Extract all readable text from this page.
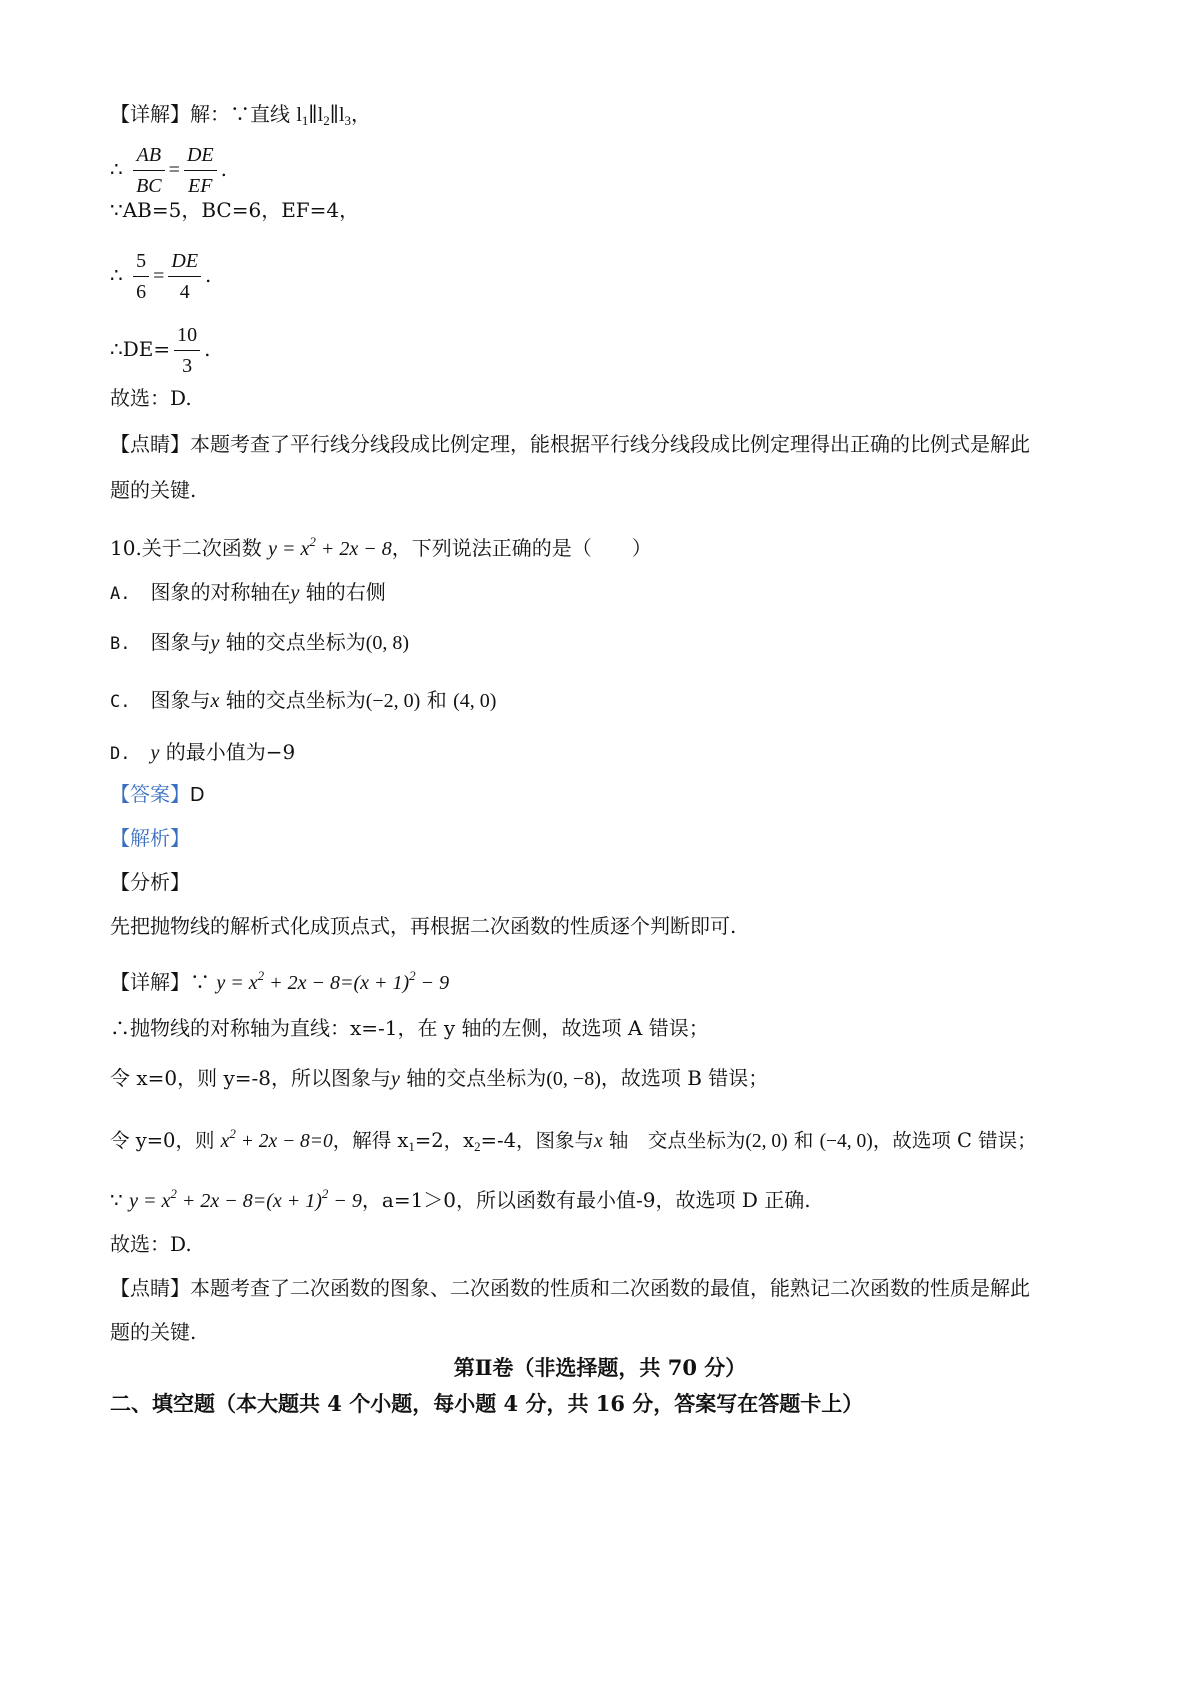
【详解】解：∵直线 $l_1\parallel l_2\parallel l_3$，
∴ $\frac{AB}{BC} = \frac{DE}{EF}$ .
∵AB=5，BC=6，EF=4，
∴ $\frac{5}{6} = \frac{DE}{4}$ .
∴DE= $\frac{10}{3}$ .
故选：D.
【点睛】本题考查了平行线分线段成比例定理，能根据平行线分线段成比例定理得出正确的比例式是解此
题的关键.
10.关于二次函数 $y = x^2 + 2x - 8$，下列说法正确的是（　　）
A.　 图象的对称轴在y 轴的右侧
B.　 图象与y 轴的交点坐标为(0, 8)
C.　 图象与x 轴的交点坐标为(−2, 0) 和 (4, 0)
D.　 y 的最小值为−9
【答案】D
【解析】
【分析】
先把抛物线的解析式化成顶点式，再根据二次函数的性质逐个判断即可.
【详解】∵ $y = x^2 + 2x - 8=(x + 1)^2 - 9$
∴抛物线的对称轴为直线：x=-1，在 y 轴的左侧，故选项 A 错误；
令 x=0，则 y=-8，所以图象与y 轴的交点坐标为(0, −8)，故选项 B 错误；
令 y=0，则 $x^2 + 2x - 8=0$，解得 $x_1=2$，$x_2=-4$，图象与x 轴　交点坐标为(2, 0) 和 (−4, 0)，故选项 C 错误；
∵ $y = x^2 + 2x - 8=(x + 1)^2 - 9$，a=1＞0，所以函数有最小值-9，故选项 D 正确.
故选：D.
【点睛】本题考查了二次函数的图象、二次函数的性质和二次函数的最值，能熟记二次函数的性质是解此
题的关键.
第Ⅱ卷（非选择题，共 70 分）
二、填空题（本大题共 4 个小题，每小题 4 分，共 16 分，答案写在答题卡上）
